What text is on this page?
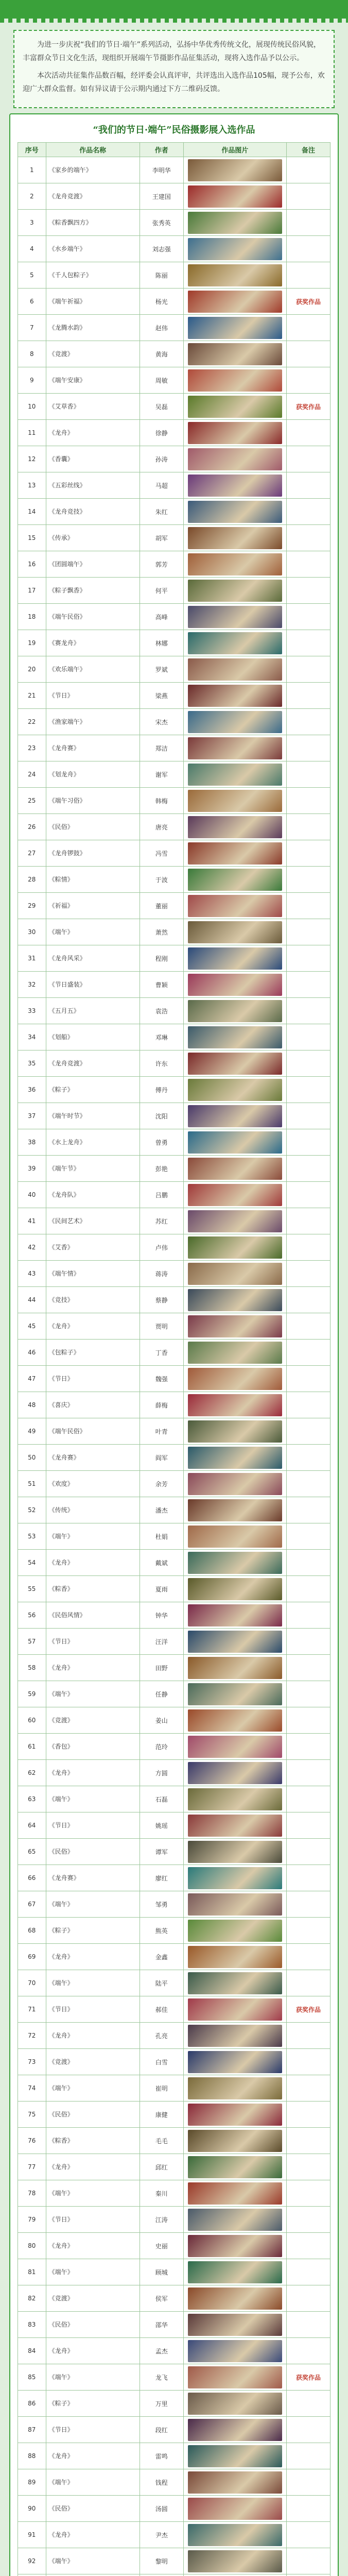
为进一步庆祝“我们的节日·端午”系列活动，弘扬中华优秀传统文化，展现传统民俗风貌，丰富群众节日文化生活，现组织开展端午节摄影作品征集活动，现将入选作品予以公示。

本次活动共征集作品数百幅，经评委会认真评审，共评选出入选作品105幅，现予公布，欢迎广大群众监督。如有异议请于公示期内通过下方二维码反馈。

“我们的节日·端午”民俗摄影展入选作品
序号	作品名称	作者	作品图片	备注
1	《家乡的端午》	李明华	

2	《龙舟竞渡》	王建国	

3	《粽香飘四方》	张秀英	

4	《水乡端午》	刘志强	

5	《千人包粽子》	陈丽	

6	《端午祈福》	杨光		获奖作品
7	《龙腾水韵》	赵伟	

8	《竞渡》	黄海	

9	《端午安康》	周敏	

10	《艾草香》	吴磊		获奖作品
11	《龙舟》	徐静	

12	《香囊》	孙涛	

13	《五彩丝线》	马超	

14	《龙舟竞技》	朱红	

15	《传承》	胡军	

16	《团圆端午》	郭芳	

17	《粽子飘香》	何平	

18	《端午民俗》	高峰	

19	《赛龙舟》	林娜	

20	《欢乐端午》	罗斌	

21	《节日》	梁燕	

22	《渔家端午》	宋杰	

23	《龙舟赛》	郑洁	

24	《划龙舟》	谢军	

25	《端午习俗》	韩梅	

26	《民俗》	唐亮	

27	《龙舟锣鼓》	冯雪	

28	《粽情》	于波	

29	《祈福》	董丽	

30	《端午》	萧然	

31	《龙舟风采》	程刚	

32	《节日盛装》	曹颖	

33	《五月五》	袁浩	

34	《划船》	邓琳	

35	《龙舟竞渡》	许东	

36	《粽子》	傅丹	

37	《端午时节》	沈阳	

38	《水上龙舟》	曾勇	

39	《端午节》	彭艳	

40	《龙舟队》	吕鹏	

41	《民间艺术》	苏红	

42	《艾香》	卢伟	

43	《端午情》	蒋涛	

44	《竞技》	蔡静	

45	《龙舟》	贾明	

46	《包粽子》	丁香	

47	《节日》	魏强	

48	《喜庆》	薛梅	

49	《端午民俗》	叶青	

50	《龙舟赛》	阎军	

51	《欢度》	余芳	

52	《传统》	潘杰	

53	《端午》	杜娟	

54	《龙舟》	戴斌	

55	《粽香》	夏雨	

56	《民俗风情》	钟华	

57	《节日》	汪洋	

58	《龙舟》	田野	

59	《端午》	任静	

60	《竞渡》	姜山	

61	《香包》	范玲	

62	《龙舟》	方圆	

63	《端午》	石磊	

64	《节日》	姚瑶	

65	《民俗》	谭军	

66	《龙舟赛》	廖红	

67	《端午》	邹勇	

68	《粽子》	熊英	

69	《龙舟》	金鑫	

70	《端午》	陆平	

71	《节日》	郝佳		获奖作品
72	《龙舟》	孔亮	

73	《竞渡》	白雪	

74	《端午》	崔明	

75	《民俗》	康健	

76	《粽香》	毛毛	

77	《龙舟》	邱红	

78	《端午》	秦川	

79	《节日》	江涛	

80	《龙舟》	史丽	

81	《端午》	顾城	

82	《竞渡》	侯军	

83	《民俗》	邵华	

84	《龙舟》	孟杰	

85	《端午》	龙飞		获奖作品
86	《粽子》	万里	

87	《节日》	段红	

88	《龙舟》	雷鸣	

89	《端午》	钱程	

90	《民俗》	汤圆	

91	《龙舟》	尹杰	

92	《端午》	黎明	
